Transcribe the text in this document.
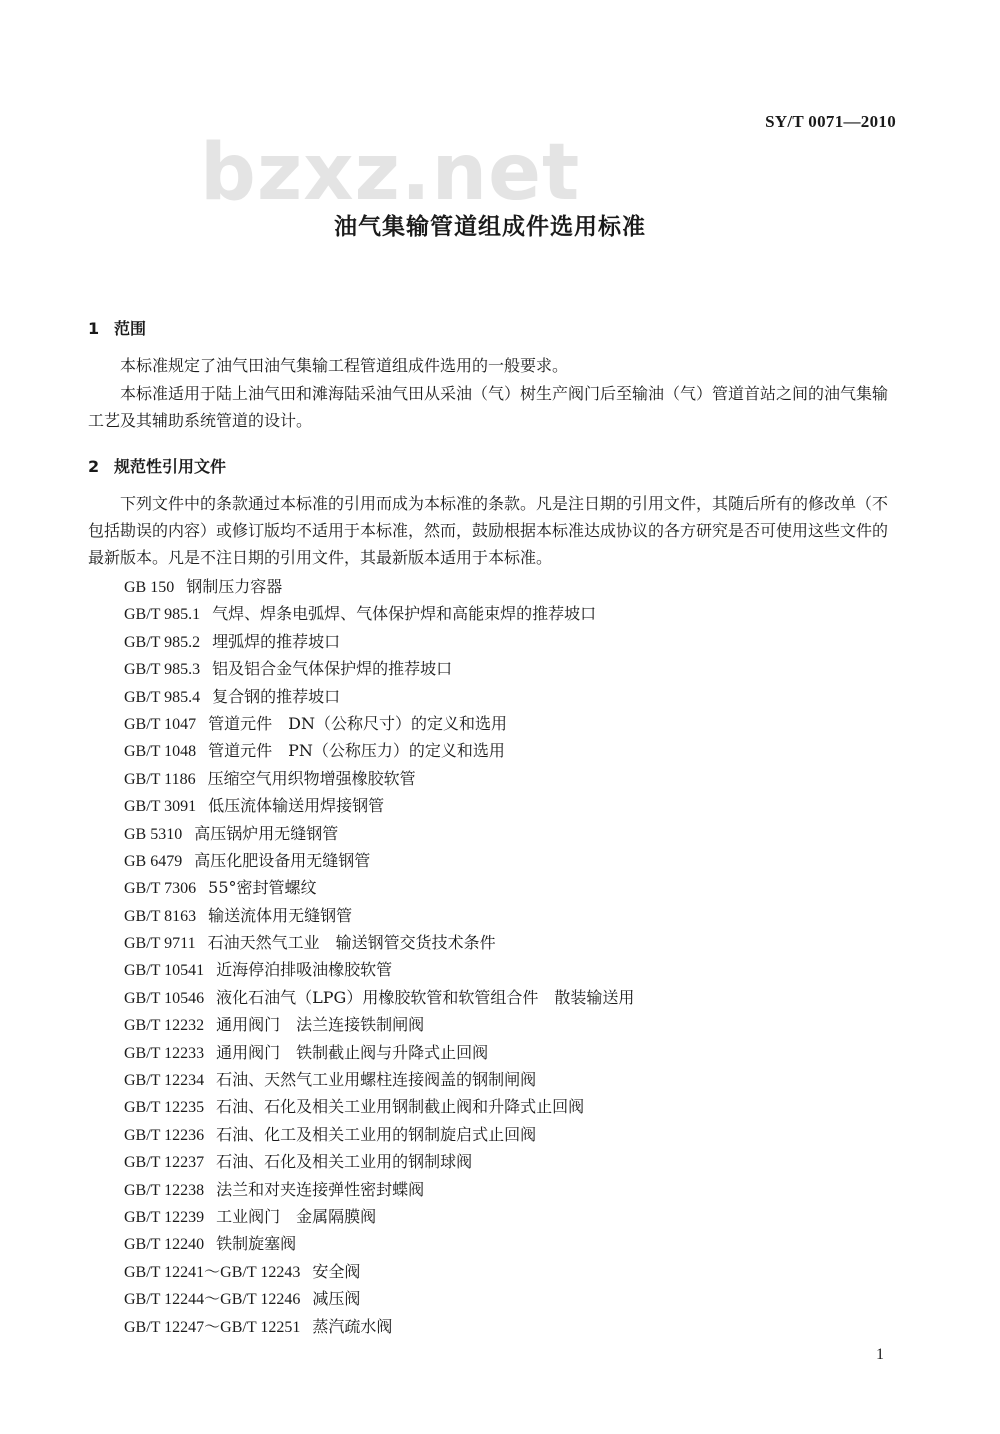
bzxz.net
SY/T 0071—2010
油气集输管道组成件选用标准
1 范围
本标准规定了油气田油气集输工程管道组成件选用的一般要求。
本标准适用于陆上油气田和滩海陆采油气田从采油（气）树生产阀门后至输油（气）管道首站之间的油气集输工艺及其辅助系统管道的设计。
2 规范性引用文件
下列文件中的条款通过本标准的引用而成为本标准的条款。凡是注日期的引用文件，其随后所有的修改单（不包括勘误的内容）或修订版均不适用于本标准，然而，鼓励根据本标准达成协议的各方研究是否可使用这些文件的最新版本。凡是不注日期的引用文件，其最新版本适用于本标准。
GB 150 钢制压力容器
GB/T 985.1 气焊、焊条电弧焊、气体保护焊和高能束焊的推荐坡口
GB/T 985.2 埋弧焊的推荐坡口
GB/T 985.3 铝及铝合金气体保护焊的推荐坡口
GB/T 985.4 复合钢的推荐坡口
GB/T 1047 管道元件　DN（公称尺寸）的定义和选用
GB/T 1048 管道元件　PN（公称压力）的定义和选用
GB/T 1186 压缩空气用织物增强橡胶软管
GB/T 3091 低压流体输送用焊接钢管
GB 5310 高压锅炉用无缝钢管
GB 6479 高压化肥设备用无缝钢管
GB/T 7306 55°密封管螺纹
GB/T 8163 输送流体用无缝钢管
GB/T 9711 石油天然气工业　输送钢管交货技术条件
GB/T 10541 近海停泊排吸油橡胶软管
GB/T 10546 液化石油气（LPG）用橡胶软管和软管组合件　散装输送用
GB/T 12232 通用阀门　法兰连接铁制闸阀
GB/T 12233 通用阀门　铁制截止阀与升降式止回阀
GB/T 12234 石油、天然气工业用螺柱连接阀盖的钢制闸阀
GB/T 12235 石油、石化及相关工业用钢制截止阀和升降式止回阀
GB/T 12236 石油、化工及相关工业用的钢制旋启式止回阀
GB/T 12237 石油、石化及相关工业用的钢制球阀
GB/T 12238 法兰和对夹连接弹性密封蝶阀
GB/T 12239 工业阀门　金属隔膜阀
GB/T 12240 铁制旋塞阀
GB/T 12241～GB/T 12243 安全阀
GB/T 12244～GB/T 12246 减压阀
GB/T 12247～GB/T 12251 蒸汽疏水阀
1
